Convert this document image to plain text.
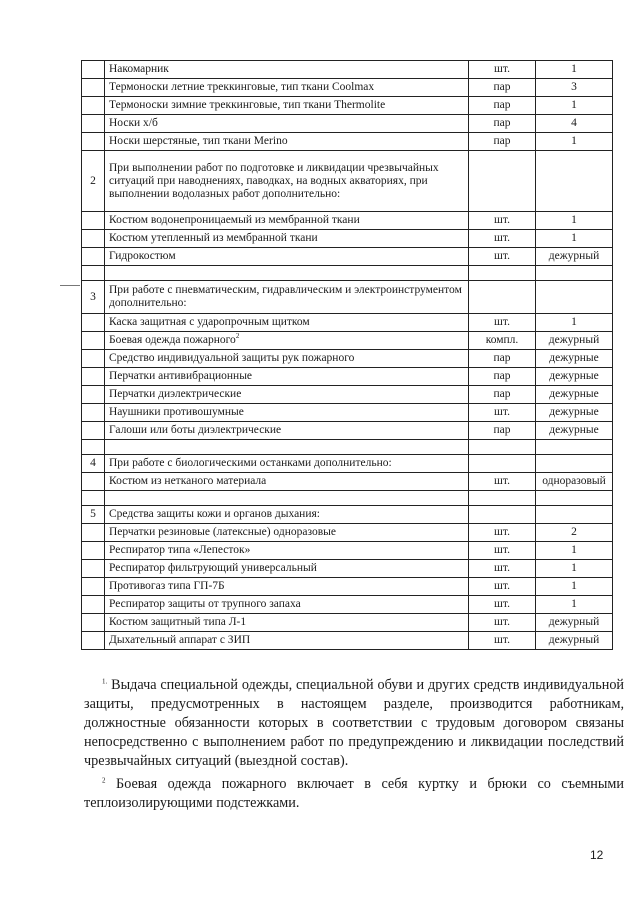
	Накомарник	шт.	1
	Термоноски летние треккинговые, тип ткани Coolmax	пар	3
	Термоноски зимние треккинговые, тип ткани Thermolite	пар	1
	Носки х/б	пар	4
	Носки шерстяные, тип ткани Merino	пар	1
2	При выполнении работ по подготовке и ликвидации чрезвычайных ситуаций при наводнениях, паводках, на водных акваториях, при выполнении водолазных работ дополнительно:		
	Костюм водонепроницаемый из мембранной ткани	шт.	1
	Костюм утепленный из мембранной ткани	шт.	1
	Гидрокостюм	шт.	дежурный

3	При работе с пневматическим, гидравлическим и электроинструментом дополнительно:		
	Каска защитная с ударопрочным щитком	шт.	1
	Боевая одежда пожарного$^2$	компл.	дежурный
	Средство индивидуальной защиты рук пожарного	пар	дежурные
	Перчатки антивибрационные	пар	дежурные
	Перчатки диэлектрические	пар	дежурные
	Наушники противошумные	шт.	дежурные
	Галоши или боты диэлектрические	пар	дежурные

4	При работе с биологическими останками дополнительно:		
	Костюм из нетканого материала	шт.	одноразовый

5	Средства защиты кожи и органов дыхания:		
	Перчатки резиновые (латексные) одноразовые	шт.	2
	Респиратор типа «Лепесток»	шт.	1
	Респиратор фильтрующий универсальный	шт.	1
	Противогаз типа ГП-7Б	шт.	1
	Респиратор защиты от трупного запаха	шт.	1
	Костюм защитный типа Л-1	шт.	дежурный
	Дыхательный аппарат с ЗИП	шт.	дежурный

$^{1.}$ Выдача специальной одежды, специальной обуви и других средств индивидуальной защиты, предусмотренных в настоящем разделе, производится работникам, должностные обязанности которых в соответствии с трудовым договором связаны непосредственно с выполнением работ по предупреждению и ликвидации последствий чрезвычайных ситуаций (выездной состав).

$^2$ Боевая одежда пожарного включает в себя куртку и брюки со съемными теплоизолирующими подстежками.

12
